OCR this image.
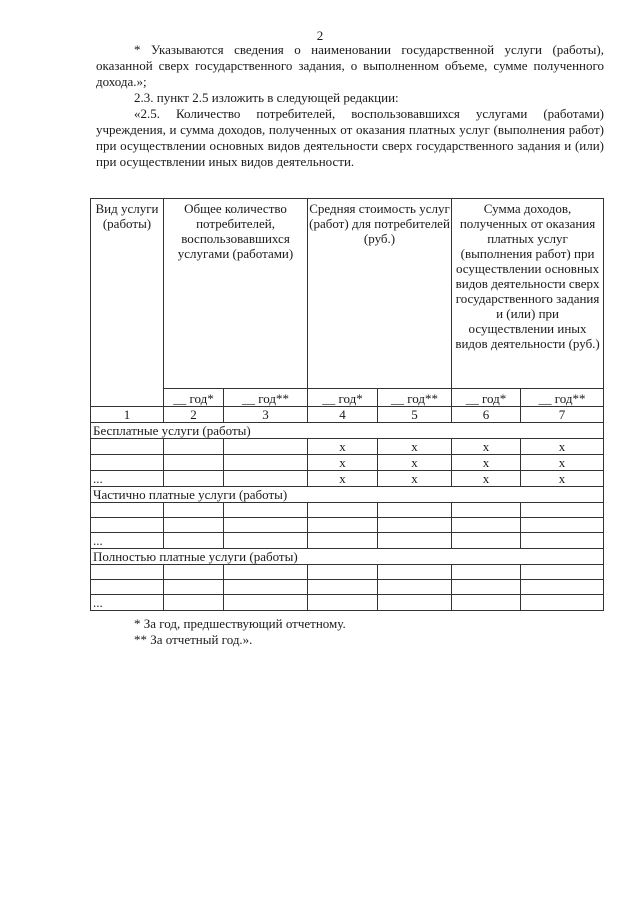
2

* Указываются сведения о наименовании государственной услуги (работы), оказанной сверх государственного задания, о выполненном объеме, сумме полученного дохода.»;

2.3. пункт 2.5 изложить в следующей редакции:

«2.5. Количество потребителей, воспользовавшихся услугами (работами) учреждения, и сумма доходов, полученных от оказания платных услуг (выполнения работ) при осуществлении основных видов деятельности сверх государственного задания и (или) при осуществлении иных видов деятельности.

Вид услуги (работы)	Общее количество потребителей, воспользовавшихся услугами (работами)		Средняя стоимость услуг (работ) для потребителей (руб.)		Сумма доходов, полученных от оказания платных услуг (выполнения работ) при осуществлении основных видов деятельности сверх государственного задания и (или) при осуществлении иных видов деятельности (руб.)	
	__ год*	__ год**	__ год*	__ год**	__ год*	__ год**
1	2	3	4	5	6	7
Бесплатные услуги (работы)						
			x	x	x	x
			x	x	x	x
...			x	x	x	x
Частично платные услуги (работы)						

...						
Полностью платные услуги (работы)						

...						

* За год, предшествующий отчетному.

** За отчетный год.».
